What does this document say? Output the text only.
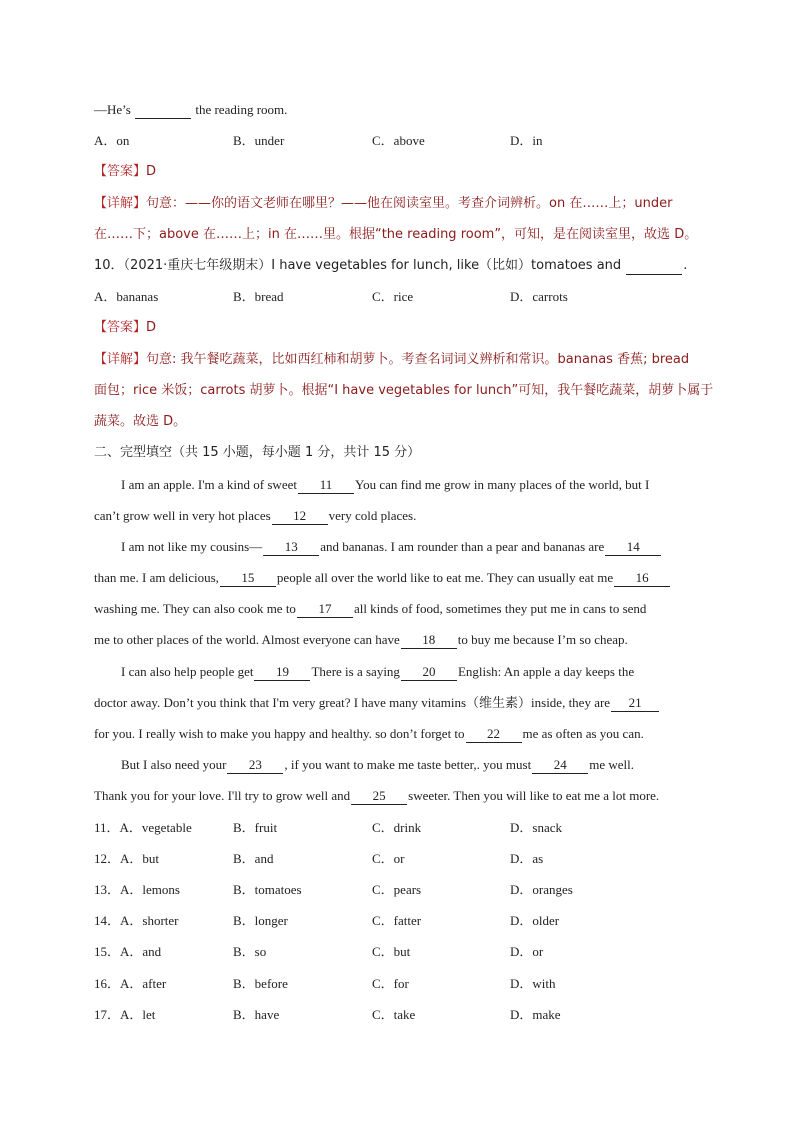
—He’s	the reading room.
A．on	B．under	C．above	D．in
【答案】D
【详解】句意：——你的语文老师在哪里？——他在阅读室里。考查介词辨析。on 在……上；under
在……下；above 在……上；in 在……里。根据“the reading room”，可知，是在阅读室里，故选 D。
10．（2021·重庆七年级期末）I have vegetables for lunch, like（比如）tomatoes and	.
A．bananas	B．bread	C．rice	D．carrots
【答案】D
【详解】句意: 我午餐吃蔬菜，比如西红柿和胡萝卜。考查名词词义辨析和常识。bananas 香蕉; bread
面包；rice 米饭；carrots 胡萝卜。根据“I have vegetables for lunch”可知，我午餐吃蔬菜，胡萝卜属于
蔬菜。故选 D。
二、完型填空（共 15 小题，每小题 1 分，共计 15 分）
I am an apple. I'm a kind of sweet 11 You can find me grow in many places of the world, but I
can’t grow well in very hot places 12 very cold places.
I am not like my cousins— 13 and bananas. I am rounder than a pear and bananas are 14
than me. I am delicious, 15 people all over the world like to eat me. They can usually eat me 16
washing me. They can also cook me to 17 all kinds of food, sometimes they put me in cans to send
me to other places of the world. Almost everyone can have 18 to buy me because I’m so cheap.
I can also help people get 19 There is a saying 20 English: An apple a day keeps the
doctor away. Don’t you think that I'm very great? I have many vitamins（维生素）inside, they are 21
for you. I really wish to make you happy and healthy. so don’t forget to 22 me as often as you can.
But I also need your 23 , if you want to make me taste better,. you must 24 me well.
Thank you for your love. I'll try to grow well and 25 sweeter. Then you will like to eat me a lot more.
11．A．vegetable	B．fruit	C．drink	D．snack
12．A．but	B．and	C．or	D．as
13．A．lemons	B．tomatoes	C．pears	D．oranges
14．A．shorter	B．longer	C．fatter	D．older
15．A．and	B．so	C．but	D．or
16．A．after	B．before	C．for	D．with
17．A．let	B．have	C．take	D．make
